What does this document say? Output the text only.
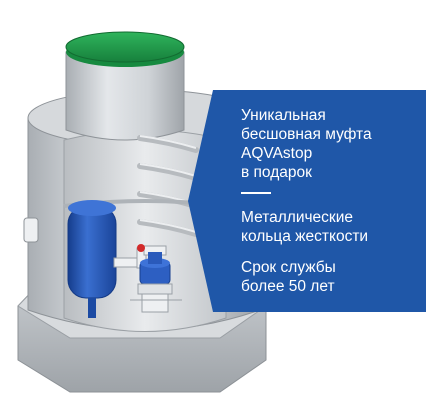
Уникальная
бесшовная муфта
AQVAstop
в подарок
Металлические
кольца жесткости
Срок службы
более 50 лет
